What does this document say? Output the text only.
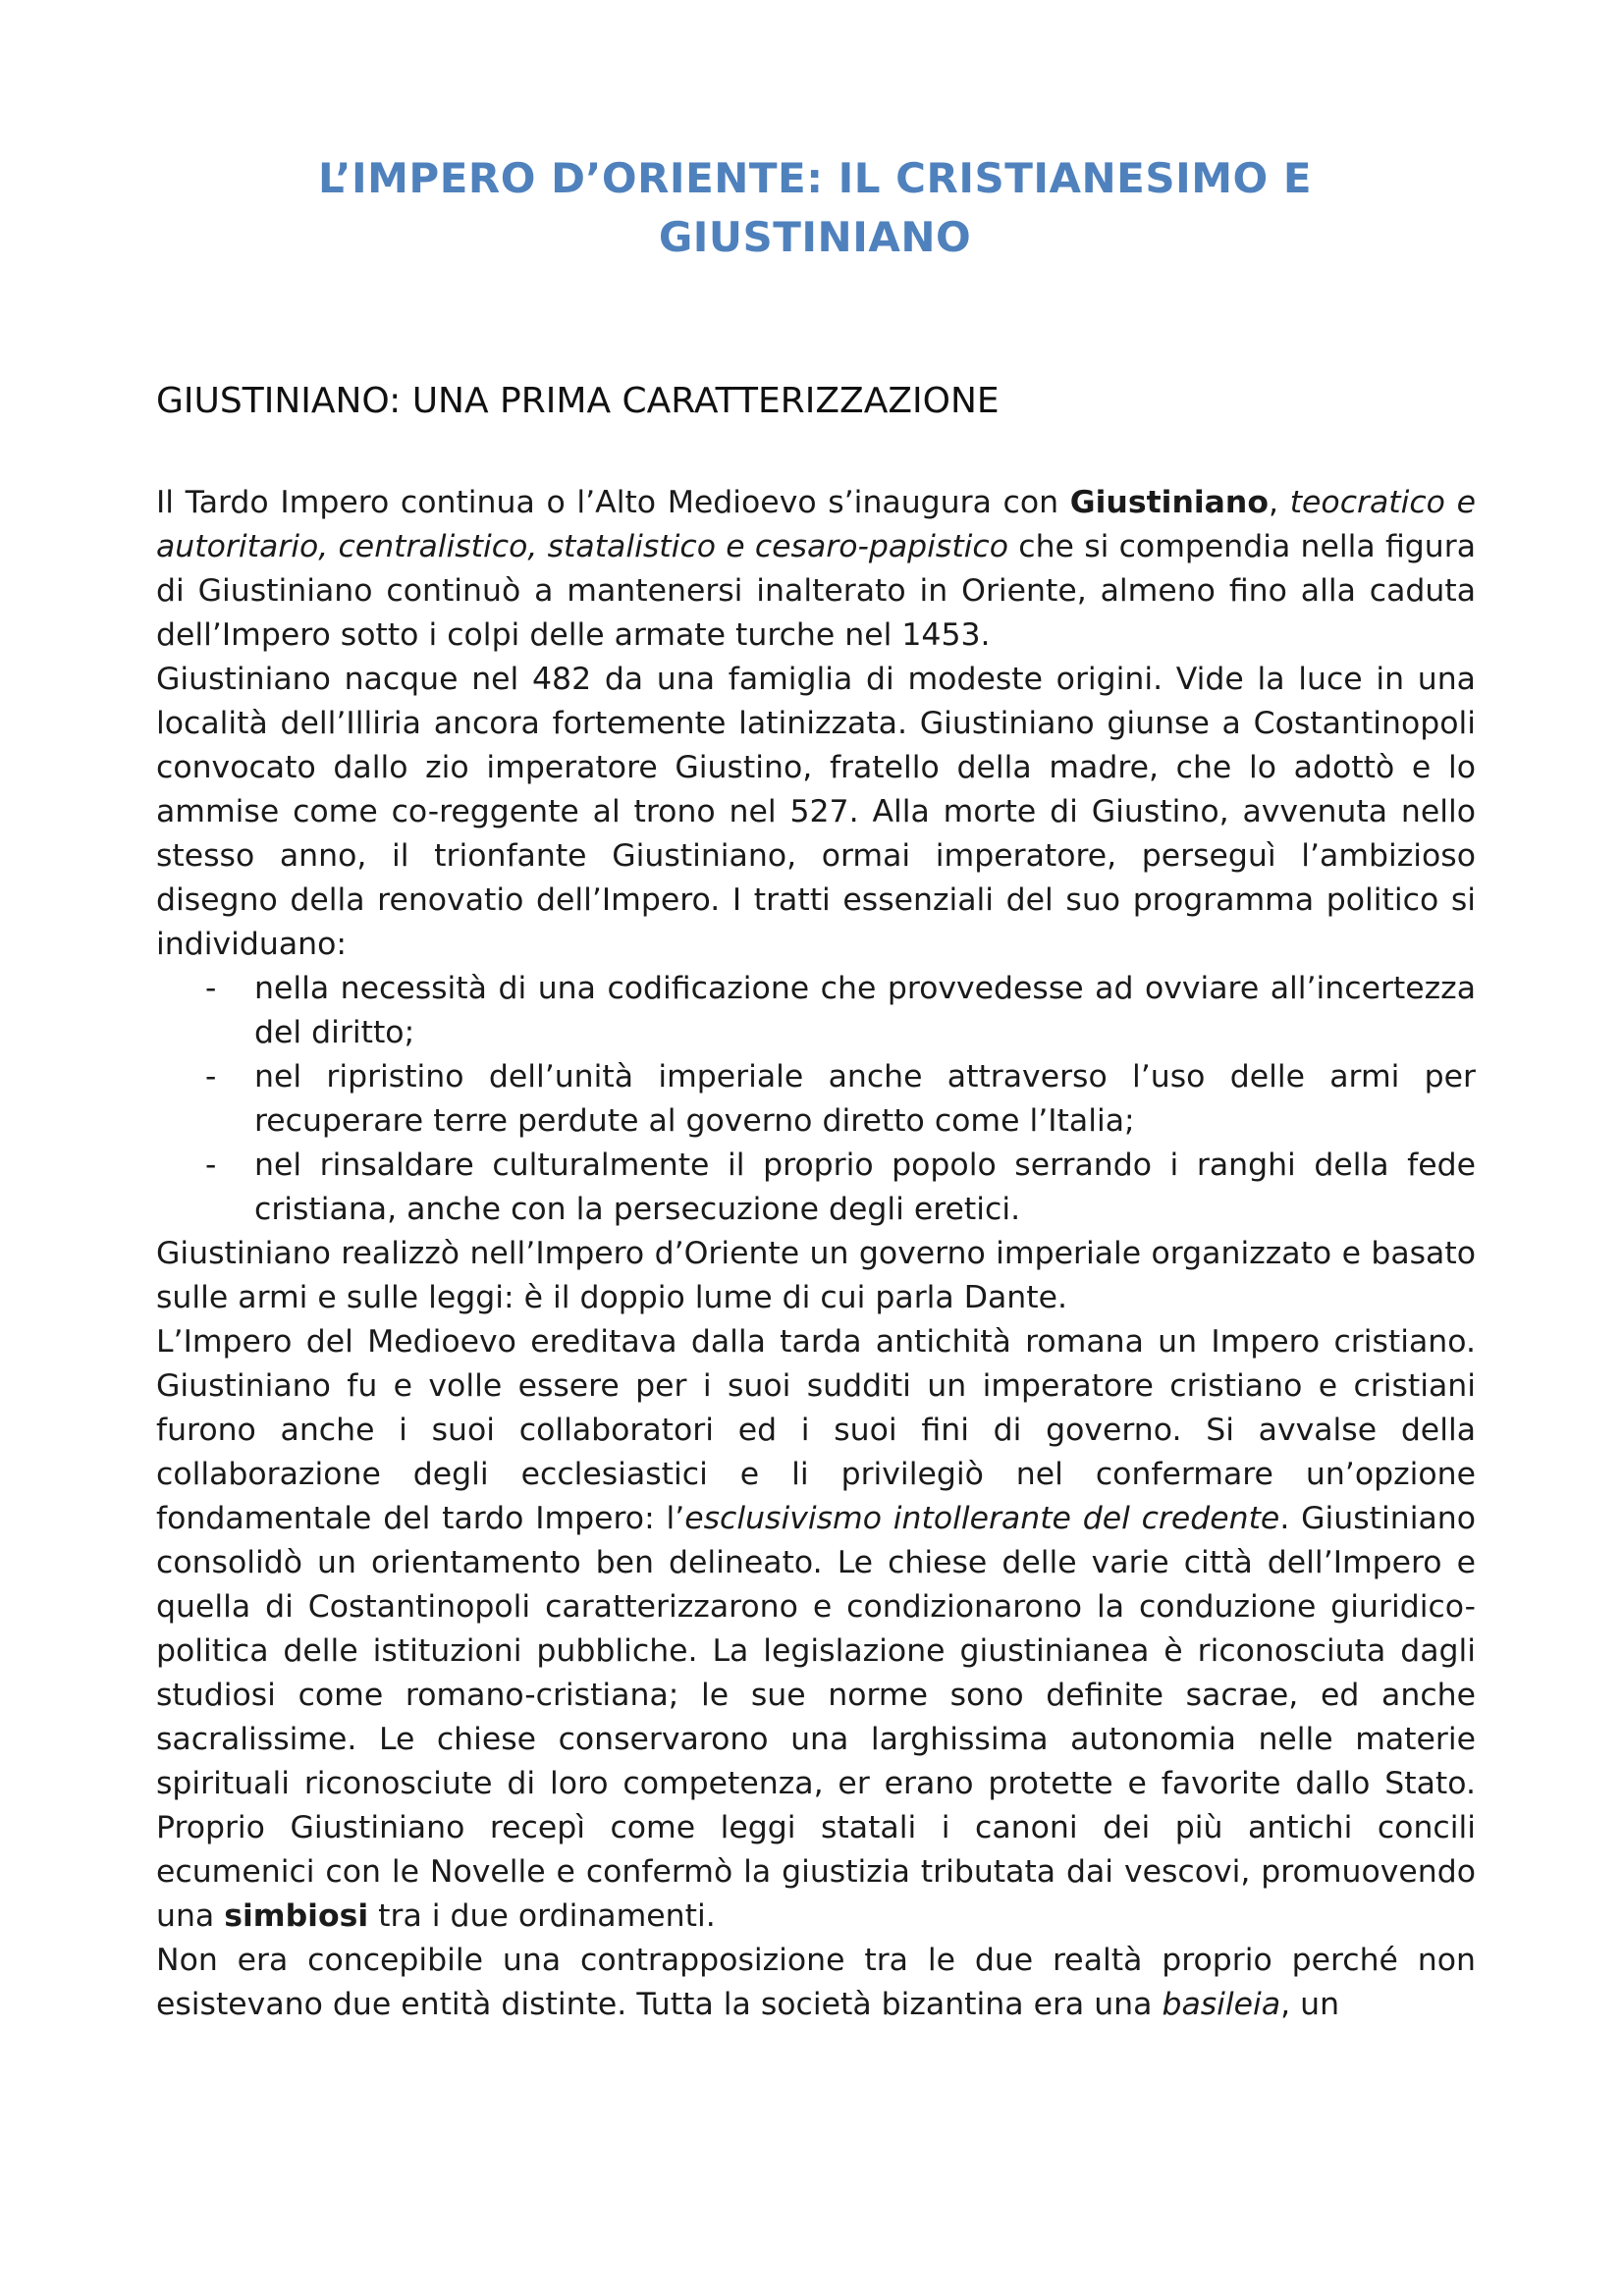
L’IMPERO D’ORIENTE: IL CRISTIANESIMO E
GIUSTINIANO
GIUSTINIANO: UNA PRIMA CARATTERIZZAZIONE

Il Tardo Impero continua o l’Alto Medioevo s’inaugura con Giustiniano, teocratico e autoritario, centralistico, statalistico e cesaro-papistico che si compendia nella figura di Giustiniano continuò a mantenersi inalterato in Oriente, almeno fino alla caduta dell’Impero sotto i colpi delle armate turche nel 1453.

Giustiniano nacque nel 482 da una famiglia di modeste origini. Vide la luce in una località dell’Illiria ancora fortemente latinizzata. Giustiniano giunse a Costantinopoli convocato dallo zio imperatore Giustino, fratello della madre, che lo adottò e lo ammise come co-reggente al trono nel 527. Alla morte di Giustino, avvenuta nello stesso anno, il trionfante Giustiniano, ormai imperatore, perseguì l’ambizioso disegno della renovatio dell’Impero. I tratti essenziali del suo programma politico si individuano:

- nella necessità di una codificazione che provvedesse ad ovviare all’incertezza del diritto;
- nel ripristino dell’unità imperiale anche attraverso l’uso delle armi per recuperare terre perdute al governo diretto come l’Italia;
- nel rinsaldare culturalmente il proprio popolo serrando i ranghi della fede cristiana, anche con la persecuzione degli eretici.

Giustiniano realizzò nell’Impero d’Oriente un governo imperiale organizzato e basato sulle armi e sulle leggi: è il doppio lume di cui parla Dante.

L’Impero del Medioevo ereditava dalla tarda antichità romana un Impero cristiano. Giustiniano fu e volle essere per i suoi sudditi un imperatore cristiano e cristiani furono anche i suoi collaboratori ed i suoi fini di governo. Si avvalse della collaborazione degli ecclesiastici e li privilegiò nel confermare un’opzione fondamentale del tardo Impero: l’esclusivismo intollerante del credente. Giustiniano consolidò un orientamento ben delineato. Le chiese delle varie città dell’Impero e quella di Costantinopoli caratterizzarono e condizionarono la conduzione giuridico-politica delle istituzioni pubbliche. La legislazione giustinianea è riconosciuta dagli studiosi come romano-cristiana; le sue norme sono definite sacrae, ed anche sacralissime. Le chiese conservarono una larghissima autonomia nelle materie spirituali riconosciute di loro competenza, er erano protette e favorite dallo Stato. Proprio Giustiniano recepì come leggi statali i canoni dei più antichi concili ecumenici con le Novelle e confermò la giustizia tributata dai vescovi, promuovendo una simbiosi tra i due ordinamenti.

Non era concepibile una contrapposizione tra le due realtà proprio perché non esistevano due entità distinte. Tutta la società bizantina era una basileia, un
